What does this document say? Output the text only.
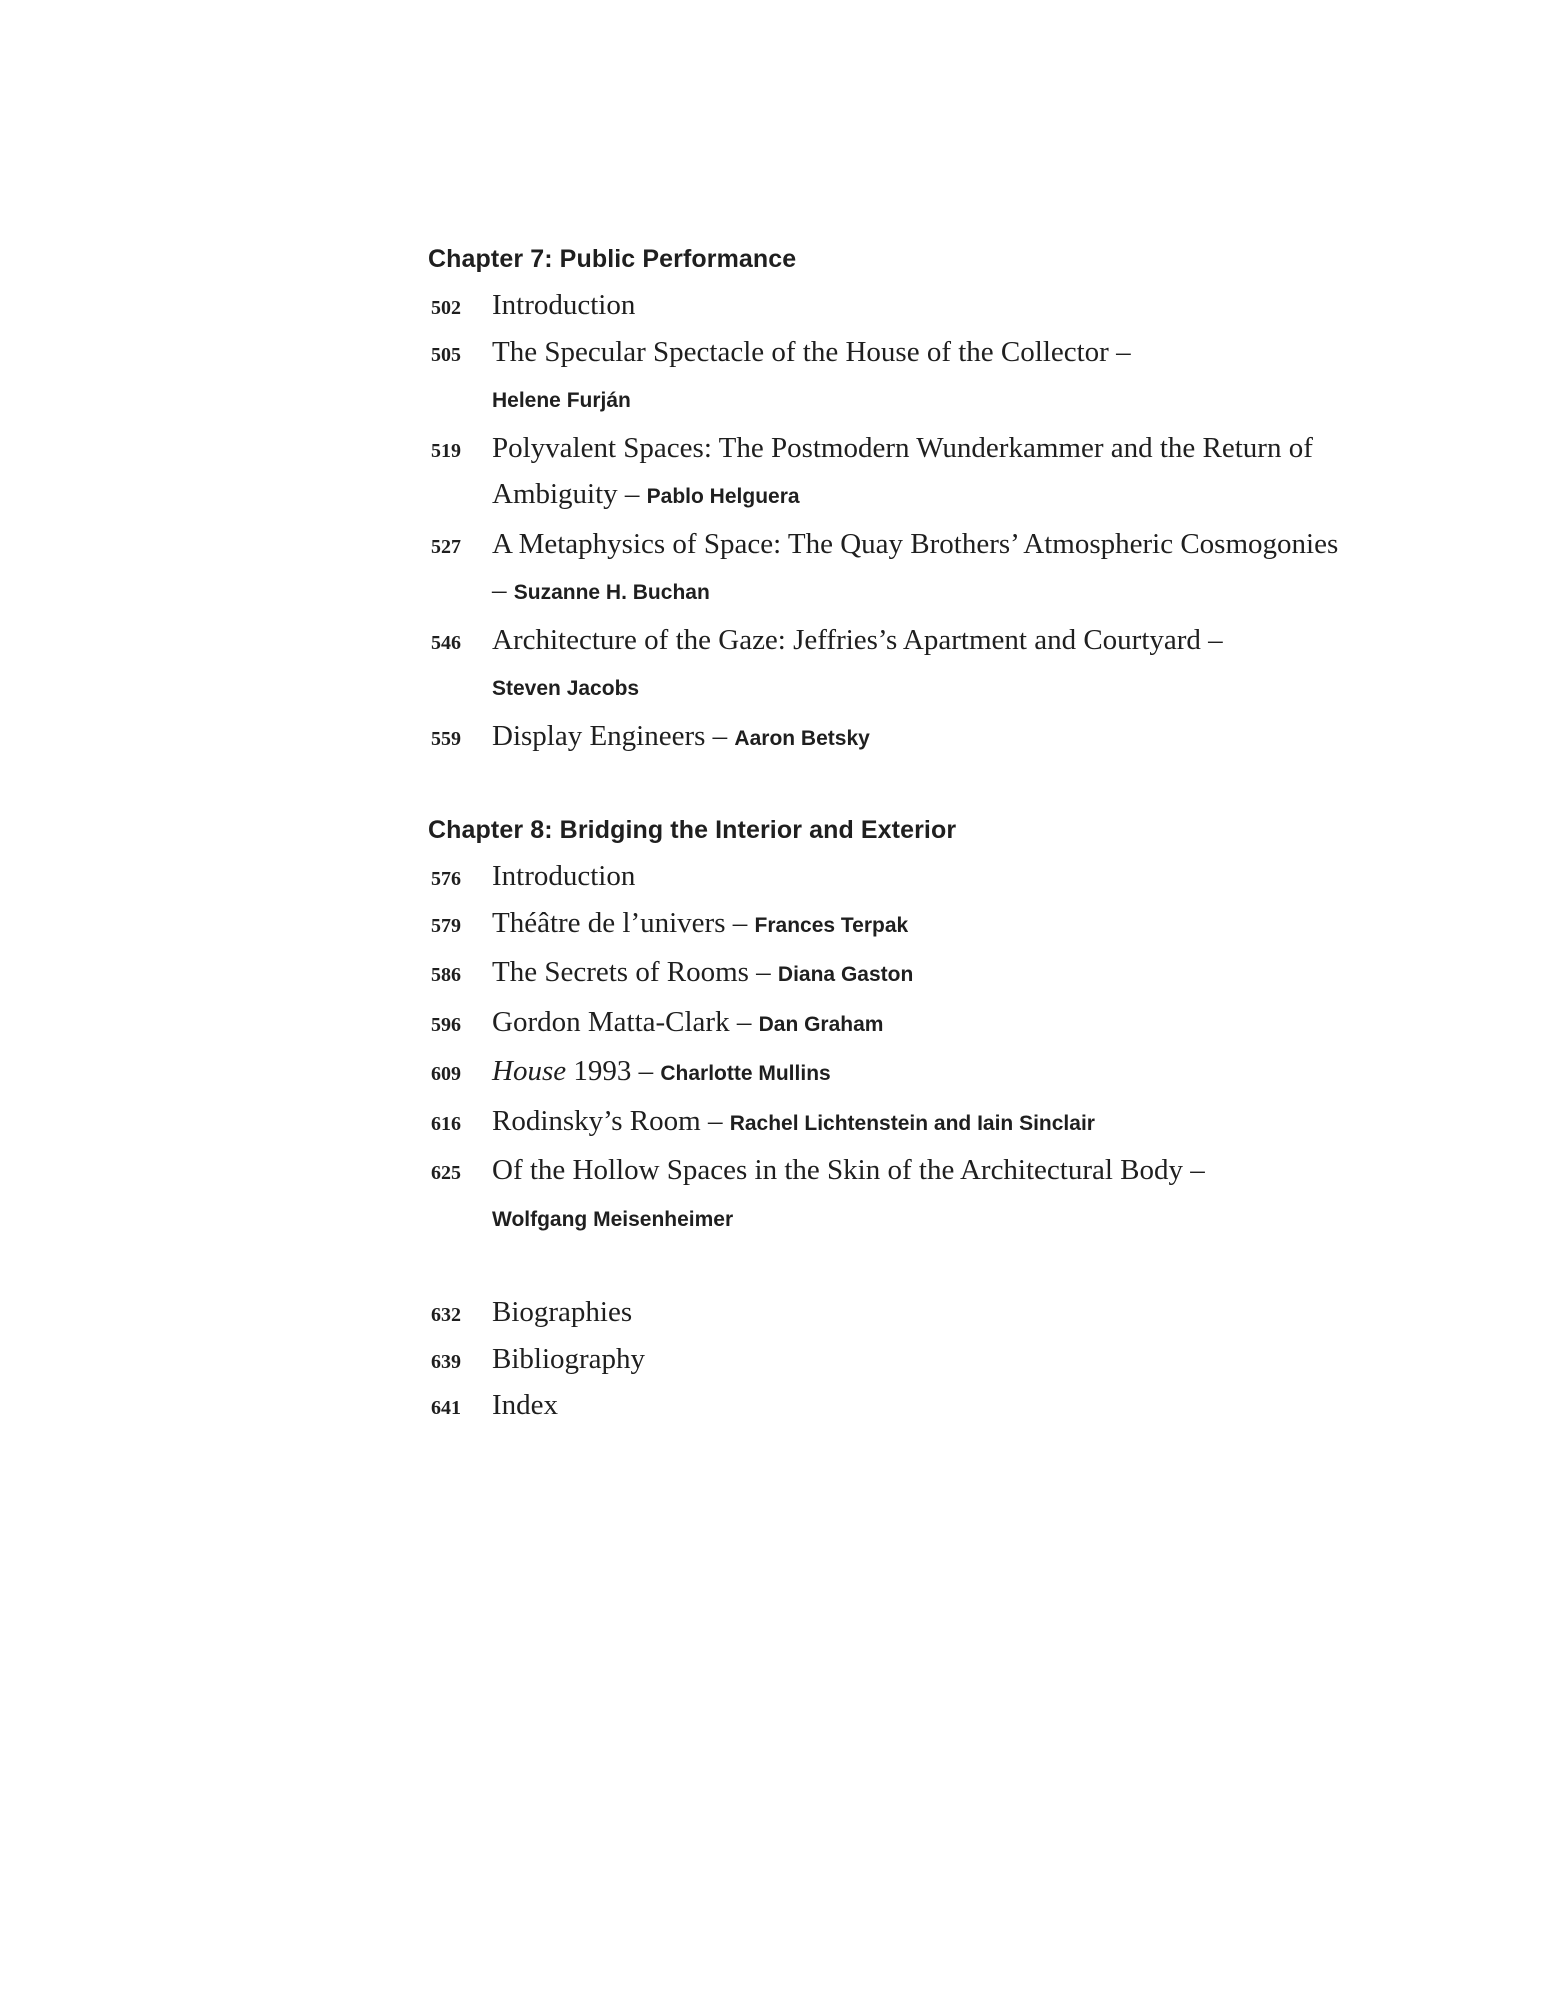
Chapter 7: Public Performance
502	Introduction
505	The Specular Spectacle of the House of the Collector –
Helene Furján
519	Polyvalent Spaces: The Postmodern Wunderkammer and the Return of Ambiguity – Pablo Helguera
527	A Metaphysics of Space: The Quay Brothers’ Atmospheric Cosmogonies – Suzanne H. Buchan
546	Architecture of the Gaze: Jeffries’s Apartment and Courtyard –
Steven Jacobs
559	Display Engineers – Aaron Betsky
Chapter 8: Bridging the Interior and Exterior
576	Introduction
579	Théâtre de l’univers – Frances Terpak
586	The Secrets of Rooms – Diana Gaston
596	Gordon Matta-Clark – Dan Graham
609	House 1993 – Charlotte Mullins
616	Rodinsky’s Room – Rachel Lichtenstein and Iain Sinclair
625	Of the Hollow Spaces in the Skin of the Architectural Body –
Wolfgang Meisenheimer
632	Biographies
639	Bibliography
641	Index
